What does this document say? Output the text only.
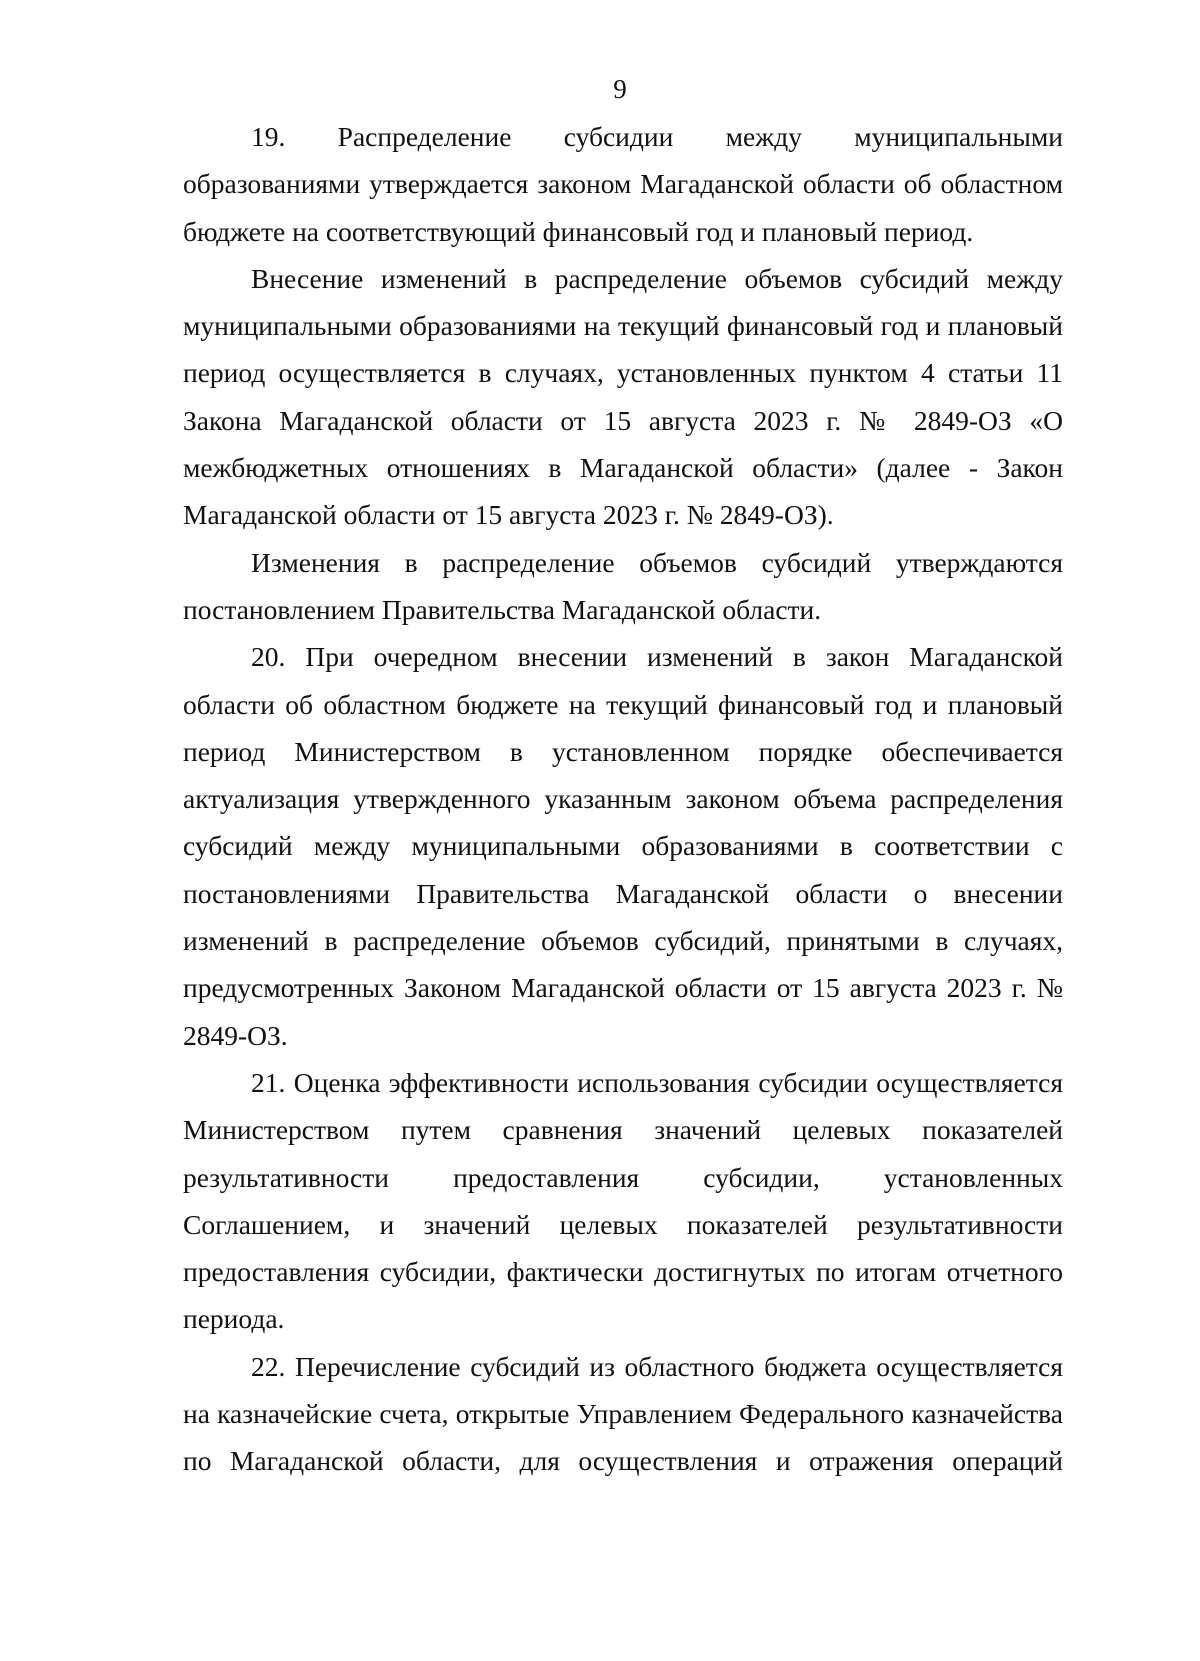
9

19. Распределение субсидии между муниципальными образованиями утверждается законом Магаданской области об областном бюджете на соответствующий финансовый год и плановый период.

Внесение изменений в распределение объемов субсидий между муниципальными образованиями на текущий финансовый год и плановый период осуществляется в случаях, установленных пунктом 4 статьи 11 Закона Магаданской области от 15 августа 2023 г. № 2849-ОЗ «О межбюджетных отношениях в Магаданской области» (далее - Закон Магаданской области от 15 августа 2023 г. № 2849-ОЗ).

Изменения в распределение объемов субсидий утверждаются постановлением Правительства Магаданской области.

20. При очередном внесении изменений в закон Магаданской области об областном бюджете на текущий финансовый год и плановый период Министерством в установленном порядке обеспечивается актуализация утвержденного указанным законом объема распределения субсидий между муниципальными образованиями в соответствии с постановлениями Правительства Магаданской области о внесении изменений в распределение объемов субсидий, принятыми в случаях, предусмотренных Законом Магаданской области от 15 августа 2023 г. № 2849-ОЗ.

21. Оценка эффективности использования субсидии осуществляется Министерством путем сравнения значений целевых показателей результативности предоставления субсидии, установленных Соглашением, и значений целевых показателей результативности предоставления субсидии, фактически достигнутых по итогам отчетного периода.

22. Перечисление субсидий из областного бюджета осуществляется на казначейские счета, открытые Управлением Федерального казначейства по Магаданской области, для осуществления и отражения операций
